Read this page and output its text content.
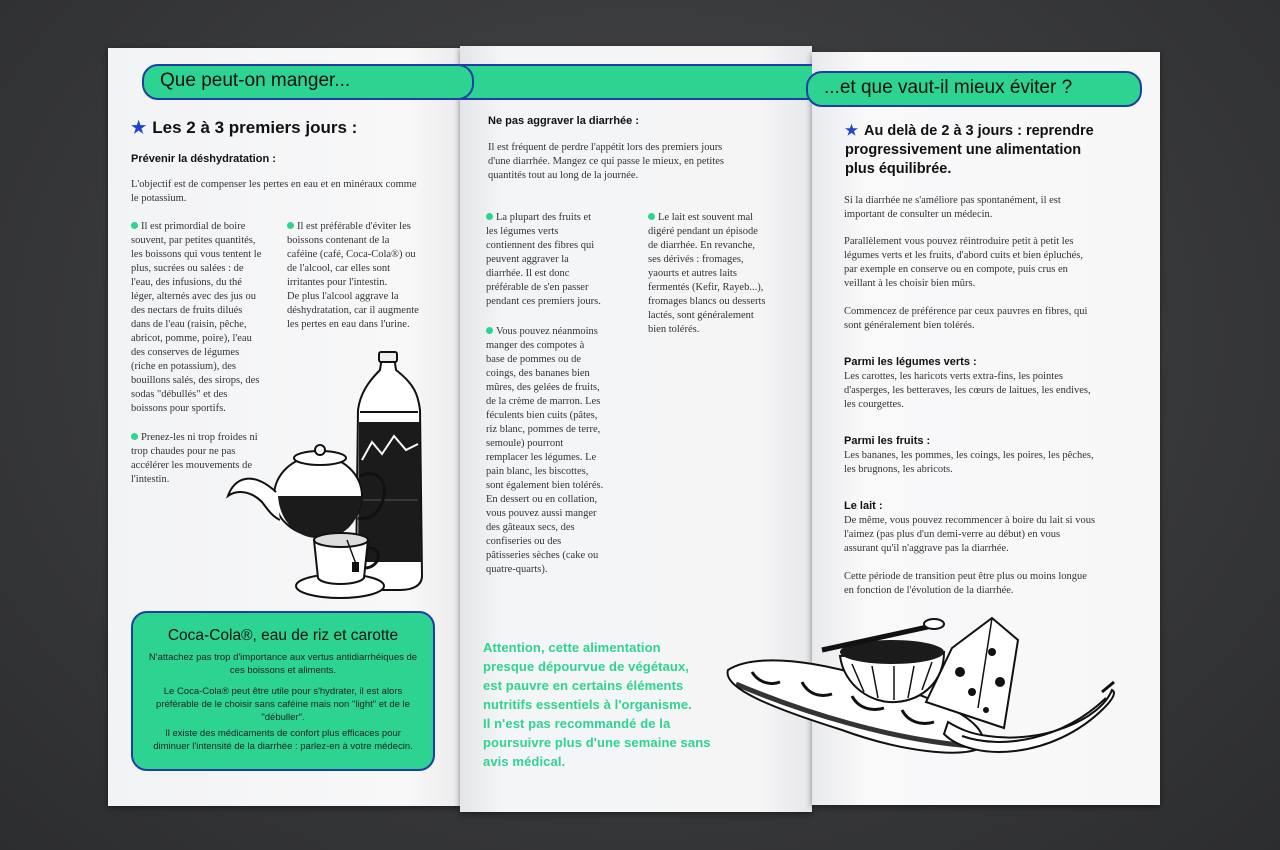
Que peut-on manger...	...et que vaut-il mieux éviter ?
★ Les 2 à 3 premiers jours :
Prévenir la déshydratation :
L'objectif est de compenser les pertes en eau et en minéraux comme
le potassium.
Il est primordial de boire
souvent, par petites quantités,
les boissons qui vous tentent le
plus, sucrées ou salées : de
l'eau, des infusions, du thé
léger, alternés avec des jus ou
des nectars de fruits dilués
dans de l'eau (raisin, pêche,
abricot, pomme, poire), l'eau
des conserves de légumes
(riche en potassium), des
bouillons salés, des sirops, des
sodas "débullés" et des
boissons pour sportifs.
Prenez-les ni trop froides ni
trop chaudes pour ne pas
accélérer les mouvements de
l'intestin.
Il est préférable d'éviter les
boissons contenant de la
caféine (café, Coca-Cola®) ou
de l'alcool, car elles sont
irritantes pour l'intestin.
De plus l'alcool aggrave la
déshydratation, car il augmente
les pertes en eau dans l'urine.
Coca-Cola®, eau de riz et carotte
N'attachez pas trop d'importance aux vertus antidiarrhéiques de
ces boissons et aliments.
Le Coca-Cola® peut être utile pour s'hydrater, il est alors
préférable de le choisir sans caféine mais non "light" et de le
"débuller".
Il existe des médicaments de confort plus efficaces pour
diminuer l'intensité de la diarrhée : parlez-en à votre médecin.
Ne pas aggraver la diarrhée :
Il est fréquent de perdre l'appétit lors des premiers jours
d'une diarrhée. Mangez ce qui passe le mieux, en petites
quantités tout au long de la journée.
La plupart des fruits et
les légumes verts
contiennent des fibres qui
peuvent aggraver la
diarrhée. Il est donc
préférable de s'en passer
pendant ces premiers jours.
Vous pouvez néanmoins
manger des compotes à
base de pommes ou de
coings, des bananes bien
mûres, des gelées de fruits,
de la crème de marron. Les
féculents bien cuits (pâtes,
riz blanc, pommes de terre,
semoule) pourront
remplacer les légumes. Le
pain blanc, les biscottes,
sont également bien tolérés.
En dessert ou en collation,
vous pouvez aussi manger
des gâteaux secs, des
confiseries ou des
pâtisseries sèches (cake ou
quatre-quarts).
Le lait est souvent mal
digéré pendant un épisode
de diarrhée. En revanche,
ses dérivés : fromages,
yaourts et autres laits
fermentés (Kefir, Rayeb...),
fromages blancs ou desserts
lactés, sont généralement
bien tolérés.
Attention, cette alimentation
presque dépourvue de végétaux,
est pauvre en certains éléments
nutritifs essentiels à l'organisme.
Il n'est pas recommandé de la
poursuivre plus d'une semaine sans
avis médical.
★ Au delà de 2 à 3 jours : reprendre
progressivement une alimentation
plus équilibrée.
Si la diarrhée ne s'améliore pas spontanément, il est
important de consulter un médecin.
Parallèlement vous pouvez réintroduire petit à petit les
légumes verts et les fruits, d'abord cuits et bien épluchés,
par exemple en conserve ou en compote, puis crus en
veillant à les choisir bien mûrs.
Commencez de préférence par ceux pauvres en fibres, qui
sont généralement bien tolérés.
Parmi les légumes verts :
Les carottes, les haricots verts extra-fins, les pointes
d'asperges, les betteraves, les cœurs de laitues, les endives,
les courgettes.
Parmi les fruits :
Les bananes, les pommes, les coings, les poires, les pêches,
les brugnons, les abricots.
Le lait :
De même, vous pouvez recommencer à boire du lait si vous
l'aimez (pas plus d'un demi-verre au début) en vous
assurant qu'il n'aggrave pas la diarrhée.
Cette période de transition peut être plus ou moins longue
en fonction de l'évolution de la diarrhée.
